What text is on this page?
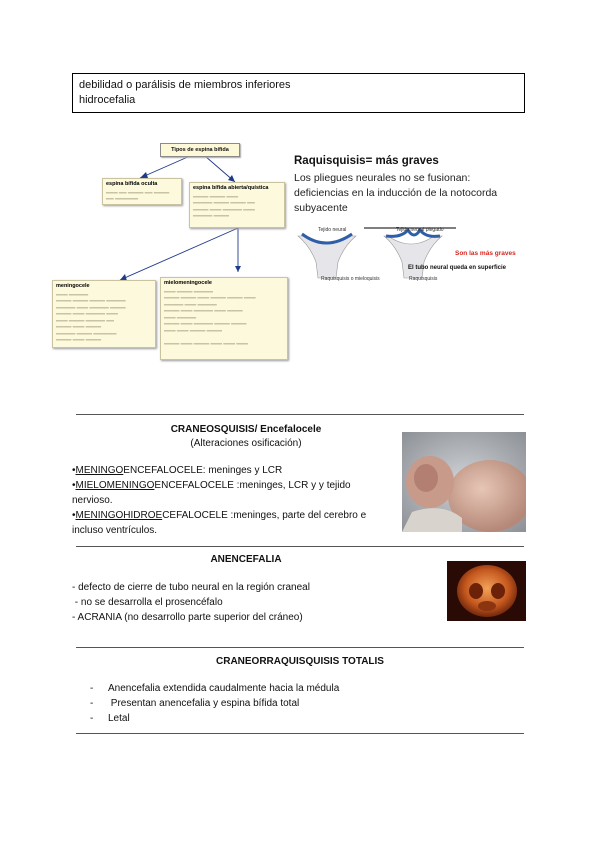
debilidad o parálisis de miembros inferiores
hidrocefalia
Tipos de espina bífida
espina bífida oculta
▁▁▁ ▁▁ ▁▁▁▁ ▁▁ ▁▁▁▁
▁▁ ▁▁▁▁▁▁
espina bífida abierta/quística
▁▁▁▁ ▁▁▁▁ ▁▁▁
▁▁▁▁▁ ▁▁▁▁ ▁▁▁▁ ▁▁
▁▁▁▁ ▁▁▁ ▁▁▁▁▁ ▁▁▁
▁▁▁▁▁ ▁▁▁▁
meningocele
▁▁▁ ▁▁▁▁▁
▁▁▁▁ ▁▁▁▁ ▁▁▁▁ ▁▁▁▁▁
▁▁▁▁▁ ▁▁▁ ▁▁▁▁▁ ▁▁▁▁
▁▁▁▁ ▁▁▁ ▁▁▁▁▁ ▁▁▁
▁▁▁ ▁▁▁▁ ▁▁▁▁▁ ▁▁
▁▁▁▁ ▁▁▁ ▁▁▁▁
▁▁▁▁▁ ▁▁▁▁ ▁▁▁▁▁▁
▁▁▁▁ ▁▁▁ ▁▁▁▁
mielomeningocele
▁▁▁ ▁▁▁▁ ▁▁▁▁▁
▁▁▁▁ ▁▁▁▁ ▁▁▁ ▁▁▁▁ ▁▁▁▁ ▁▁▁
▁▁▁▁▁ ▁▁▁ ▁▁▁▁▁
▁▁▁▁ ▁▁▁ ▁▁▁▁▁ ▁▁▁ ▁▁▁▁
▁▁▁ ▁▁▁▁▁
▁▁▁▁ ▁▁▁ ▁▁▁▁▁ ▁▁▁▁ ▁▁▁▁
▁▁▁ ▁▁▁ ▁▁▁▁ ▁▁▁▁

▁▁▁▁ ▁▁▁ ▁▁▁▁ ▁▁▁ ▁▁▁ ▁▁▁
Raquisquisis= más graves
Los pliegues neurales no se fusionan:
deficiencias en la inducción de la notocorda
subyacente
Tejido neural	Tejido neural plegado
Son las más graves
El tubo neural queda en superficie
Raquisquisis o mieloquisis	Raquisquisis
CRANEOSQUISIS/ Encefalocele
(Alteraciones osificación)
•MENINGOENCEFALOCELE: meninges y LCR
•MIELOMENINGOENCEFALOCELE :meninges, LCR y y tejido
nervioso.
•MENINGOHIDROECEFALOCELE :meninges, parte del cerebro e
incluso ventrículos.
ANENCEFALIA
- defecto de cierre de tubo neural en la región craneal
- no se desarrolla el prosencéfalo
- ACRANIA (no desarrollo parte superior del cráneo)
CRANEORRAQUISQUISIS TOTALIS
- Anencefalia extendida caudalmente hacia la médula
- Presentan anencefalia y espina bífida total
- Letal
